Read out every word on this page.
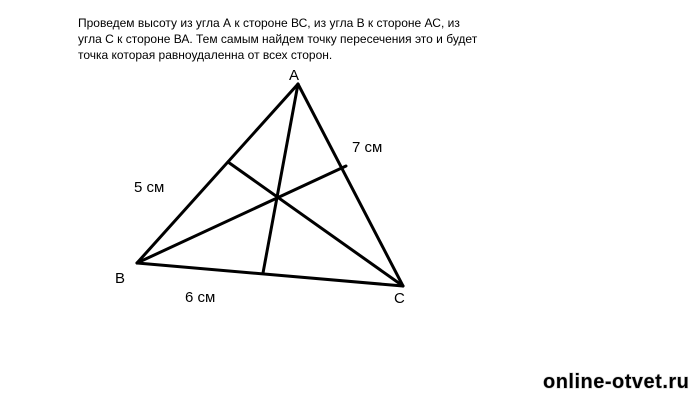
Проведем высоту из угла А к стороне ВС, из угла В к стороне АС, из
угла С к стороне ВА. Тем самым найдем точку пересечения это и будет
точка которая равноудаленна от всех сторон.

A
B
C
5 см
7 см
6 см
online-otvet.ru
